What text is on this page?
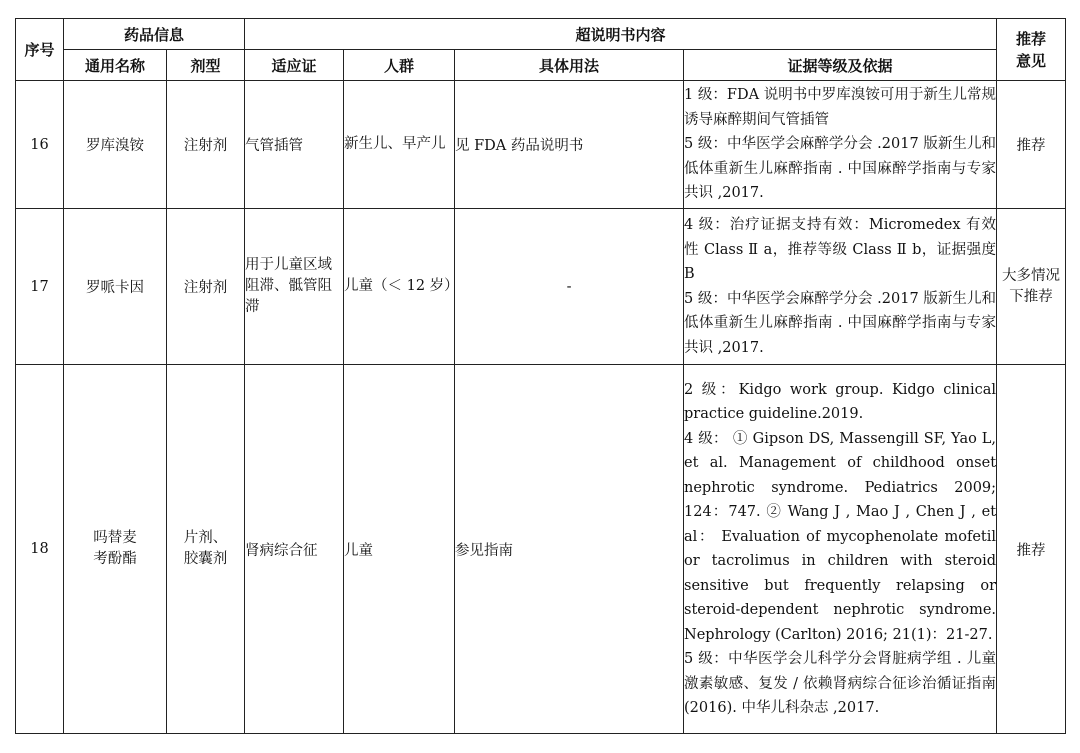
序号	药品信息		超说明书内容				推荐意见
	通用名称	剂型	适应证	人群	具体用法	证据等级及依据	
16	罗库溴铵	注射剂	气管插管	新生儿、早产儿	见 FDA 药品说明书	1 级：FDA 说明书中罗库溴铵可用于新生儿常规诱导麻醉期间气管插管
5 级：中华医学会麻醉学分会 .2017 版新生儿和低体重新生儿麻醉指南 . 中国麻醉学指南与专家共识 ,2017.	推荐
17	罗哌卡因	注射剂	用于儿童区域阻滞、骶管阻滞	儿童（＜ 12 岁）	-	4 级：治疗证据支持有效：Micromedex 有效性 Class Ⅱ a，推荐等级 Class Ⅱ b，证据强度 B
5 级：中华医学会麻醉学分会 .2017 版新生儿和低体重新生儿麻醉指南 . 中国麻醉学指南与专家共识 ,2017.	大多情况下推荐
18	吗替麦考酚酯	片剂、胶囊剂	肾病综合征	儿童	参见指南	2 级：Kidgo work group. Kidgo clinical practice guideline.2019.
4 级： ① Gipson DS, Massengill SF, Yao L, et al. Management of childhood onset nephrotic syndrome. Pediatrics 2009; 124：747. ② Wang J , Mao J , Chen J , et al： Evaluation of mycophenolate mofetil or tacrolimus in children with steroid sensitive but frequently relapsing or steroid-dependent nephrotic syndrome. Nephrology (Carlton) 2016; 21(1)：21-27.
5 级：中华医学会儿科学分会肾脏病学组 . 儿童激素敏感、复发 / 依赖肾病综合征诊治循证指南 (2016). 中华儿科杂志 ,2017.	推荐
